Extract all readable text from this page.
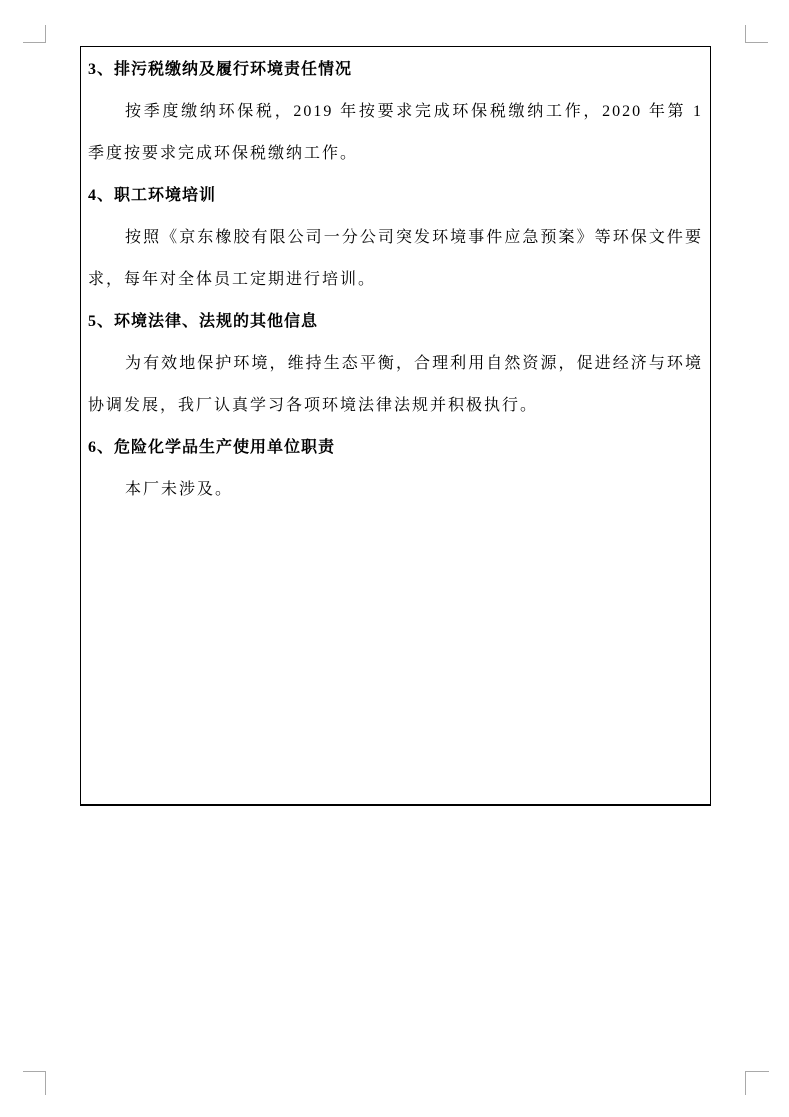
3、排污税缴纳及履行环境责任情况

按季度缴纳环保税，2019 年按要求完成环保税缴纳工作，2020 年第 1 季度按要求完成环保税缴纳工作。

4、职工环境培训

按照《京东橡胶有限公司一分公司突发环境事件应急预案》等环保文件要求，每年对全体员工定期进行培训。

5、环境法律、法规的其他信息

为有效地保护环境，维持生态平衡，合理利用自然资源，促进经济与环境协调发展，我厂认真学习各项环境法律法规并积极执行。

6、危险化学品生产使用单位职责

本厂未涉及。
